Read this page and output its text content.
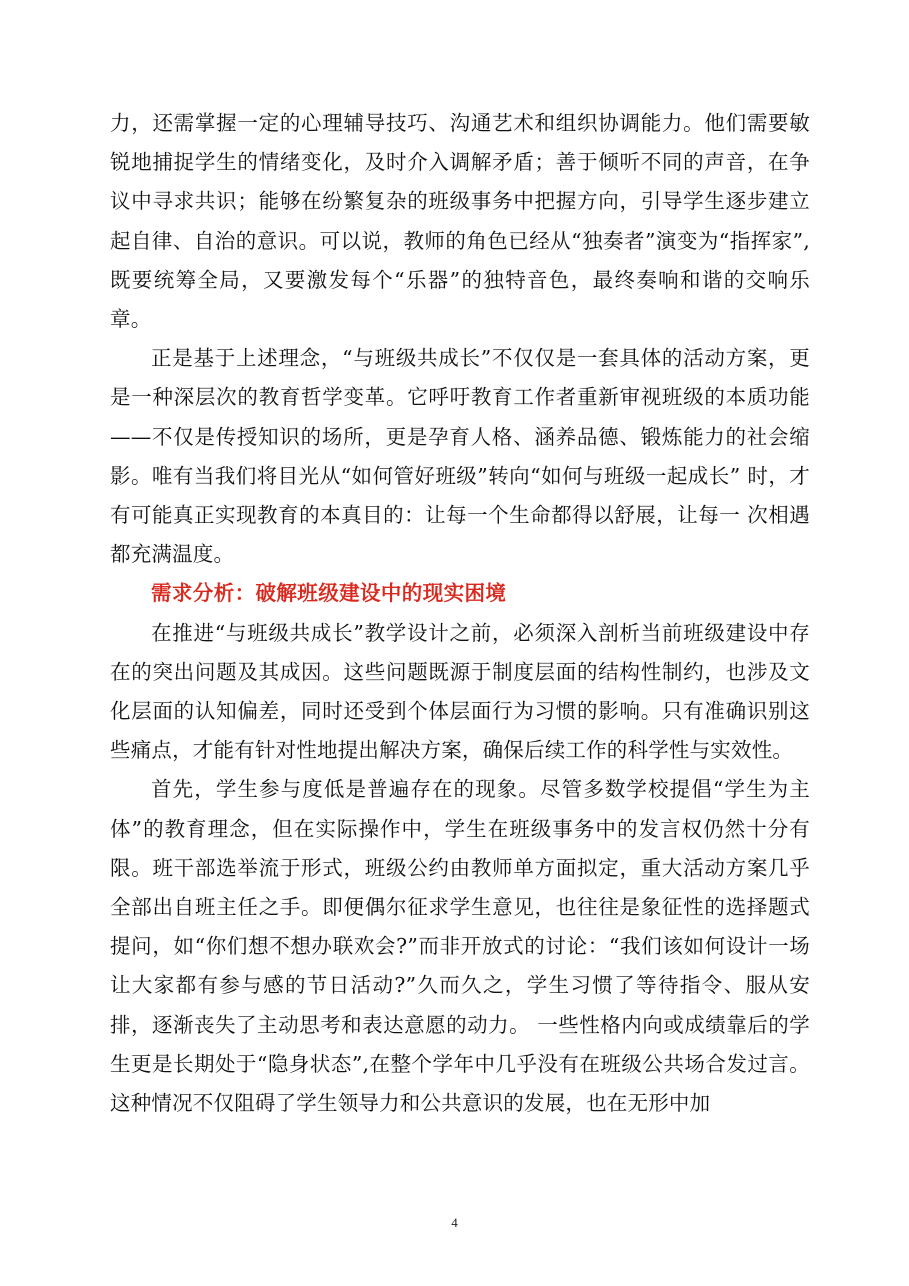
力，还需掌握一定的心理辅导技巧、沟通艺术和组织协调能力。他们需要敏锐地捕捉学生的情绪变化，及时介入调解矛盾；善于倾听不同的声音，在争议中寻求共识；能够在纷繁复杂的班级事务中把握方向，引导学生逐步建立起自律、自治的意识。可以说，教师的角色已经从“独奏者”演变为“指挥家”,既要统筹全局，又要激发每个“乐器”的独特音色，最终奏响和谐的交响乐章。

正是基于上述理念，“与班级共成长”不仅仅是一套具体的活动方案，更是一种深层次的教育哲学变革。它呼吁教育工作者重新审视班级的本质功能——不仅是传授知识的场所，更是孕育人格、涵养品德、锻炼能力的社会缩影。唯有当我们将目光从“如何管好班级”转向“如何与班级一起成长” 时，才有可能真正实现教育的本真目的：让每一个生命都得以舒展，让每一 次相遇都充满温度。

需求分析：破解班级建设中的现实困境

在推进“与班级共成长”教学设计之前，必须深入剖析当前班级建设中存在的突出问题及其成因。这些问题既源于制度层面的结构性制约，也涉及文化层面的认知偏差，同时还受到个体层面行为习惯的影响。只有准确识别这些痛点，才能有针对性地提出解决方案，确保后续工作的科学性与实效性。

首先，学生参与度低是普遍存在的现象。尽管多数学校提倡“学生为主体”的教育理念，但在实际操作中，学生在班级事务中的发言权仍然十分有限。班干部选举流于形式，班级公约由教师单方面拟定，重大活动方案几乎全部出自班主任之手。即便偶尔征求学生意见，也往往是象征性的选择题式提问，如“你们想不想办联欢会?”而非开放式的讨论：“我们该如何设计一场让大家都有参与感的节日活动?”久而久之，学生习惯了等待指令、服从安排，逐渐丧失了主动思考和表达意愿的动力。 一些性格内向或成绩靠后的学生更是长期处于“隐身状态”,在整个学年中几乎没有在班级公共场合发过言。这种情况不仅阻碍了学生领导力和公共意识的发展，也在无形中加

4
